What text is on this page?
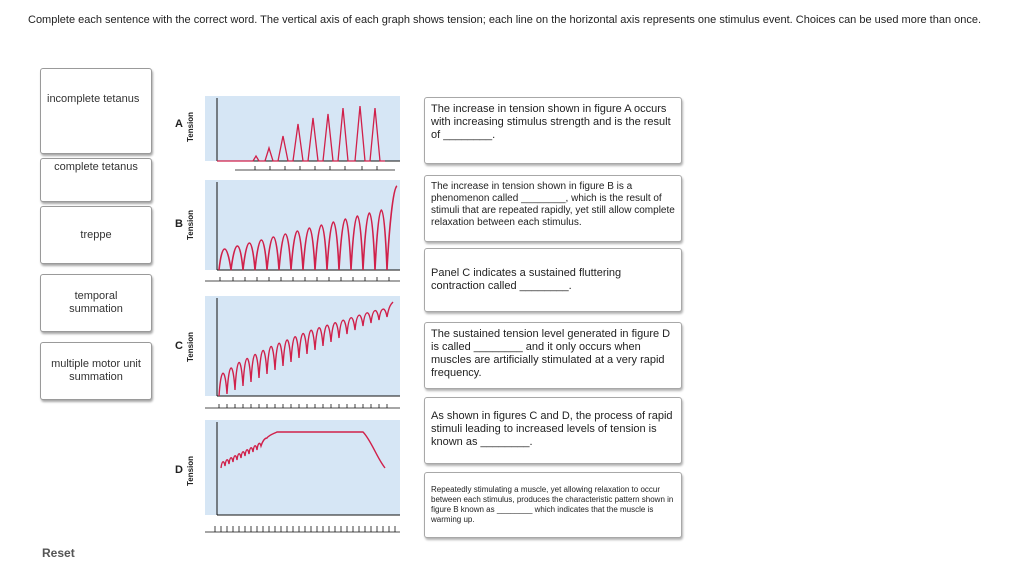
Complete each sentence with the correct word. The vertical axis of each graph shows tension; each line on the horizontal axis represents one stimulus event. Choices can be used more than once.
incomplete tetanus
complete tetanus
treppe
temporal summation
multiple motor unit summation
A Tension
B Tension
C Tension
D Tension
The increase in tension shown in figure A occurs with increasing stimulus strength and is the result of ________.
The increase in tension shown in figure B is a phenomenon called ________, which is the result of stimuli that are repeated rapidly, yet still allow complete relaxation between each stimulus.
Panel C indicates a sustained fluttering contraction called ________.
The sustained tension level generated in figure D is called ________ and it only occurs when muscles are artificially stimulated at a very rapid frequency.
As shown in figures C and D, the process of rapid stimuli leading to increased levels of tension is known as ________.
Repeatedly stimulating a muscle, yet allowing relaxation to occur between each stimulus, produces the characteristic pattern shown in figure B known as ________ which indicates that the muscle is warming up.
Reset
